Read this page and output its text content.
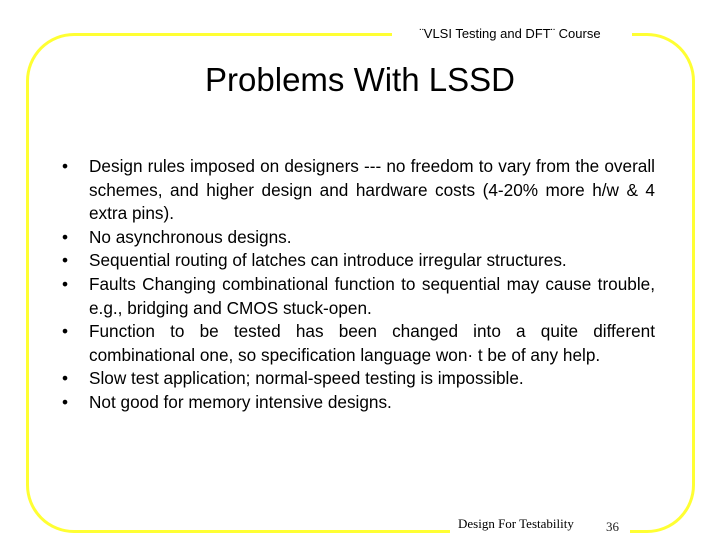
¨VLSI Testing and DFT¨ Course
Problems With LSSD
• Design rules imposed on designers --- no freedom to vary from the overall schemes, and higher design and hardware costs (4-20% more h/w & 4 extra pins).
• No asynchronous designs.
• Sequential routing of latches can introduce irregular structures.
• Faults Changing combinational function to sequential may cause trouble, e.g., bridging and CMOS stuck-open.
• Function to be tested has been changed into a quite different combinational one, so specification language won· t be of any help.
• Slow test application; normal-speed testing is impossible.
• Not good for memory intensive designs.
Design For Testability 36
